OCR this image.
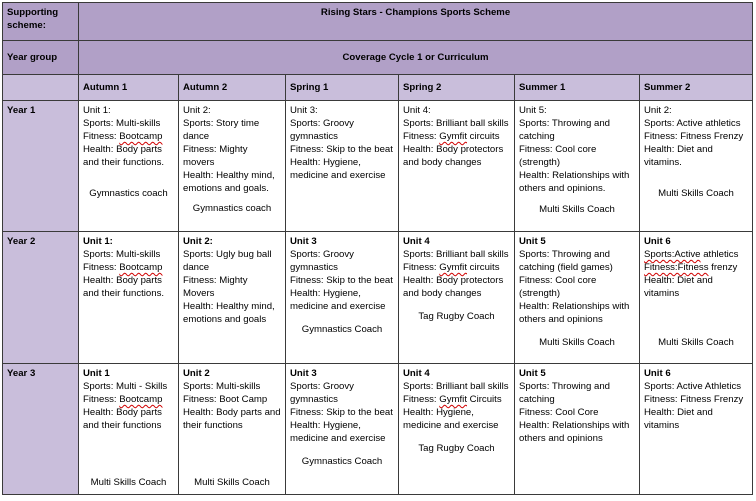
Supporting scheme:	Rising Stars - Champions Sports Scheme					
Year group	Coverage Cycle 1 or Curriculum					
	Autumn 1	Autumn 2	Spring 1	Spring 2	Summer 1	Summer 2
Year 1	Unit 1:
Sports: Multi-skills
Fitness: Bootcamp
Health: Body parts and their functions.
Gymnastics coach	Unit 2:
Sports: Story time dance
Fitness: Mighty movers
Health: Healthy mind, emotions and goals.
Gymnastics coach	Unit 3:
Sports: Groovy gymnastics
Fitness: Skip to the beat
Health: Hygiene, medicine and exercise	Unit 4:
Sports: Brilliant ball skills
Fitness: Gymfit circuits
Health: Body protectors and body changes	Unit 5:
Sports: Throwing and catching
Fitness: Cool core (strength)
Health: Relationships with others and opinions.
Multi Skills Coach	Unit 2:
Sports: Active athletics
Fitness: Fitness Frenzy
Health: Diet and vitamins.
Multi Skills Coach

Year 2	Unit 1:
Sports: Multi-skills
Fitness: Bootcamp
Health: Body parts and their functions.	Unit 2:
Sports: Ugly bug ball dance
Fitness: Mighty Movers
Health: Healthy mind, emotions and goals	Unit 3
Sports: Groovy gymnastics
Fitness: Skip to the beat
Health: Hygiene, medicine and exercise
Gymnastics Coach	Unit 4
Sports: Brilliant ball skills
Fitness: Gymfit circuits
Health: Body protectors and body changes
Tag Rugby Coach	Unit 5
Sports: Throwing and catching (field games)
Fitness: Cool core (strength)
Health: Relationships with others and opinions
Multi Skills Coach	Unit 6
Sports:Active athletics
Fitness:Fitness frenzy
Health: Diet and vitamins
Multi Skills Coach

Year 3	Unit 1
Sports: Multi - Skills
Fitness: Bootcamp
Health: Body parts and their functions
Multi Skills Coach	Unit 2
Sports: Multi-skills
Fitness: Boot Camp
Health: Body parts and their functions
Multi Skills Coach	Unit 3
Sports: Groovy gymnastics
Fitness: Skip to the beat
Health: Hygiene, medicine and exercise
Gymnastics Coach	Unit 4
Sports: Brilliant ball skills
Fitness: Gymfit Circuits
Health: Hygiene, medicine and exercise
Tag Rugby Coach	Unit 5
Sports: Throwing and catching
Fitness: Cool Core
Health: Relationships with others and opinions	Unit 6
Sports: Active Athletics
Fitness: Fitness Frenzy
Health: Diet and vitamins
